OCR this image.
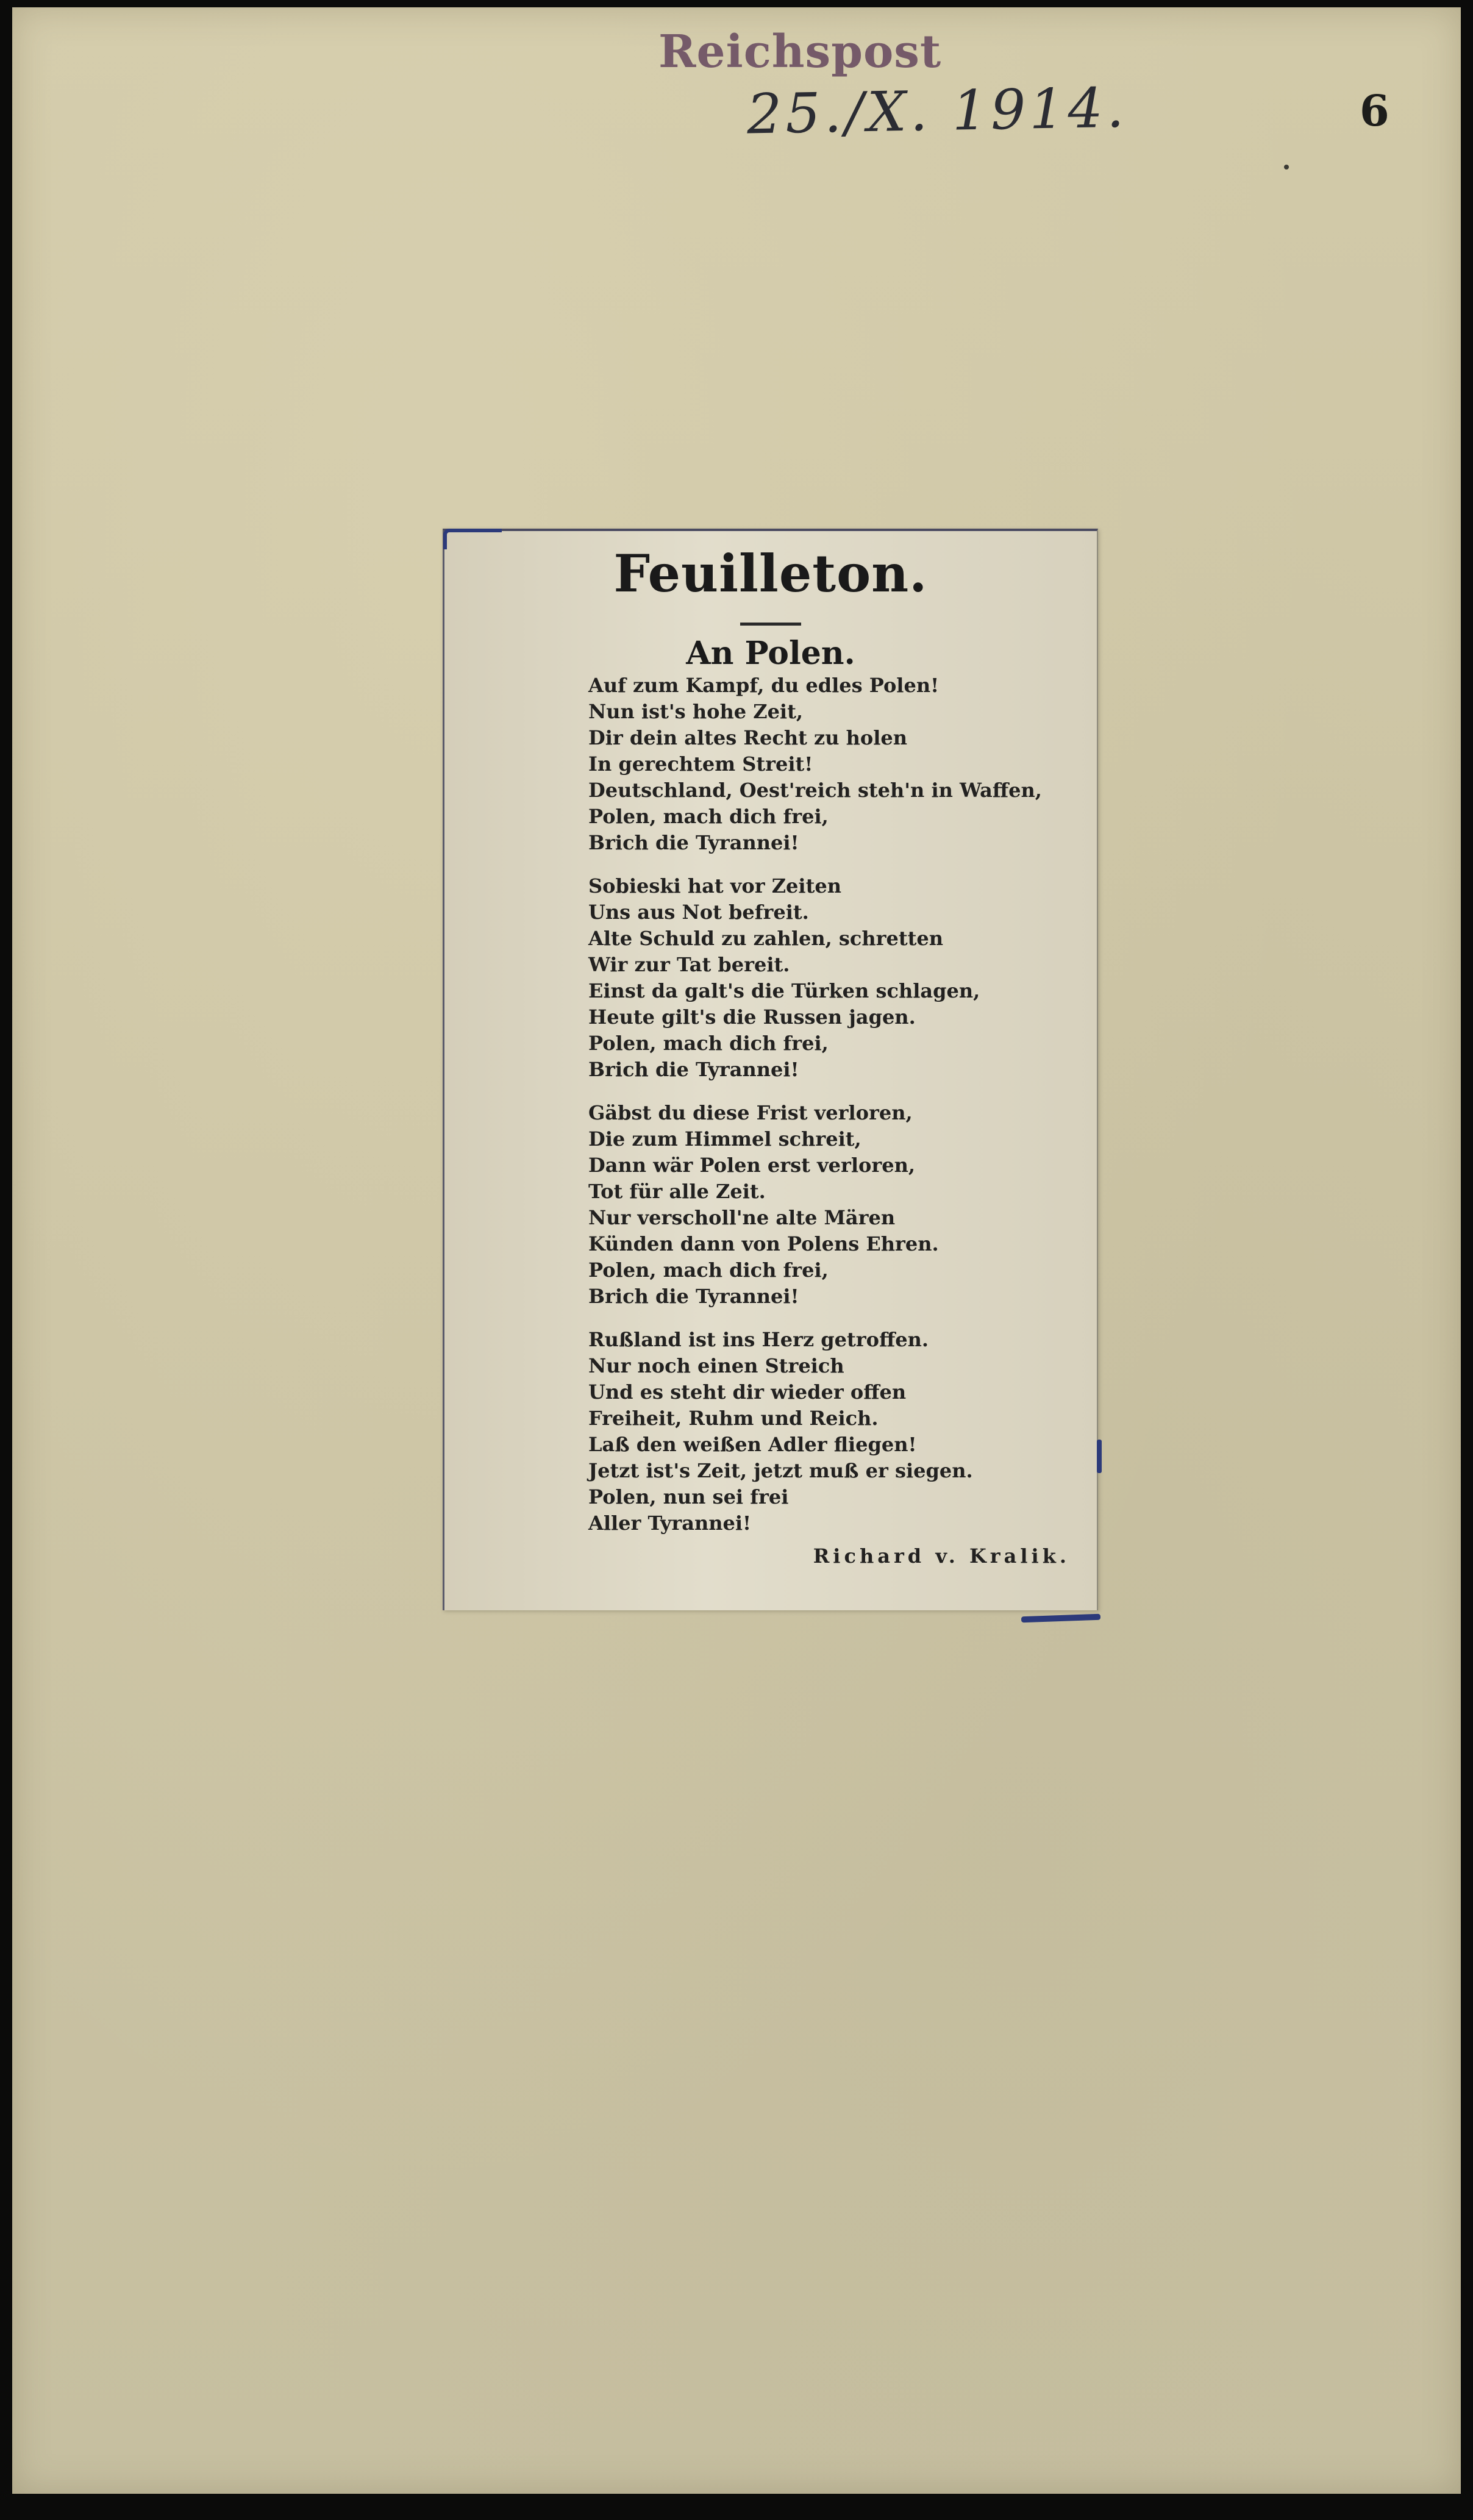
Reichspost
25./X. 1914.	6
Feuilleton.
An Polen.
Auf zum Kampf, du edles Polen!
Nun ist's hohe Zeit,
Dir dein altes Recht zu holen
In gerechtem Streit!
Deutschland, Oest'reich steh'n in Waffen,
Polen, mach dich frei,
Brich die Tyrannei!
Sobieski hat vor Zeiten
Uns aus Not befreit.
Alte Schuld zu zahlen, schretten
Wir zur Tat bereit.
Einst da galt's die Türken schlagen,
Heute gilt's die Russen jagen.
Polen, mach dich frei,
Brich die Tyrannei!
Gäbst du diese Frist verloren,
Die zum Himmel schreit,
Dann wär Polen erst verloren,
Tot für alle Zeit.
Nur verscholl'ne alte Mären
Künden dann von Polens Ehren.
Polen, mach dich frei,
Brich die Tyrannei!
Rußland ist ins Herz getroffen.
Nur noch einen Streich
Und es steht dir wieder offen
Freiheit, Ruhm und Reich.
Laß den weißen Adler fliegen!
Jetzt ist's Zeit, jetzt muß er siegen.
Polen, nun sei frei
Aller Tyrannei!
Richard v. Kralik.
